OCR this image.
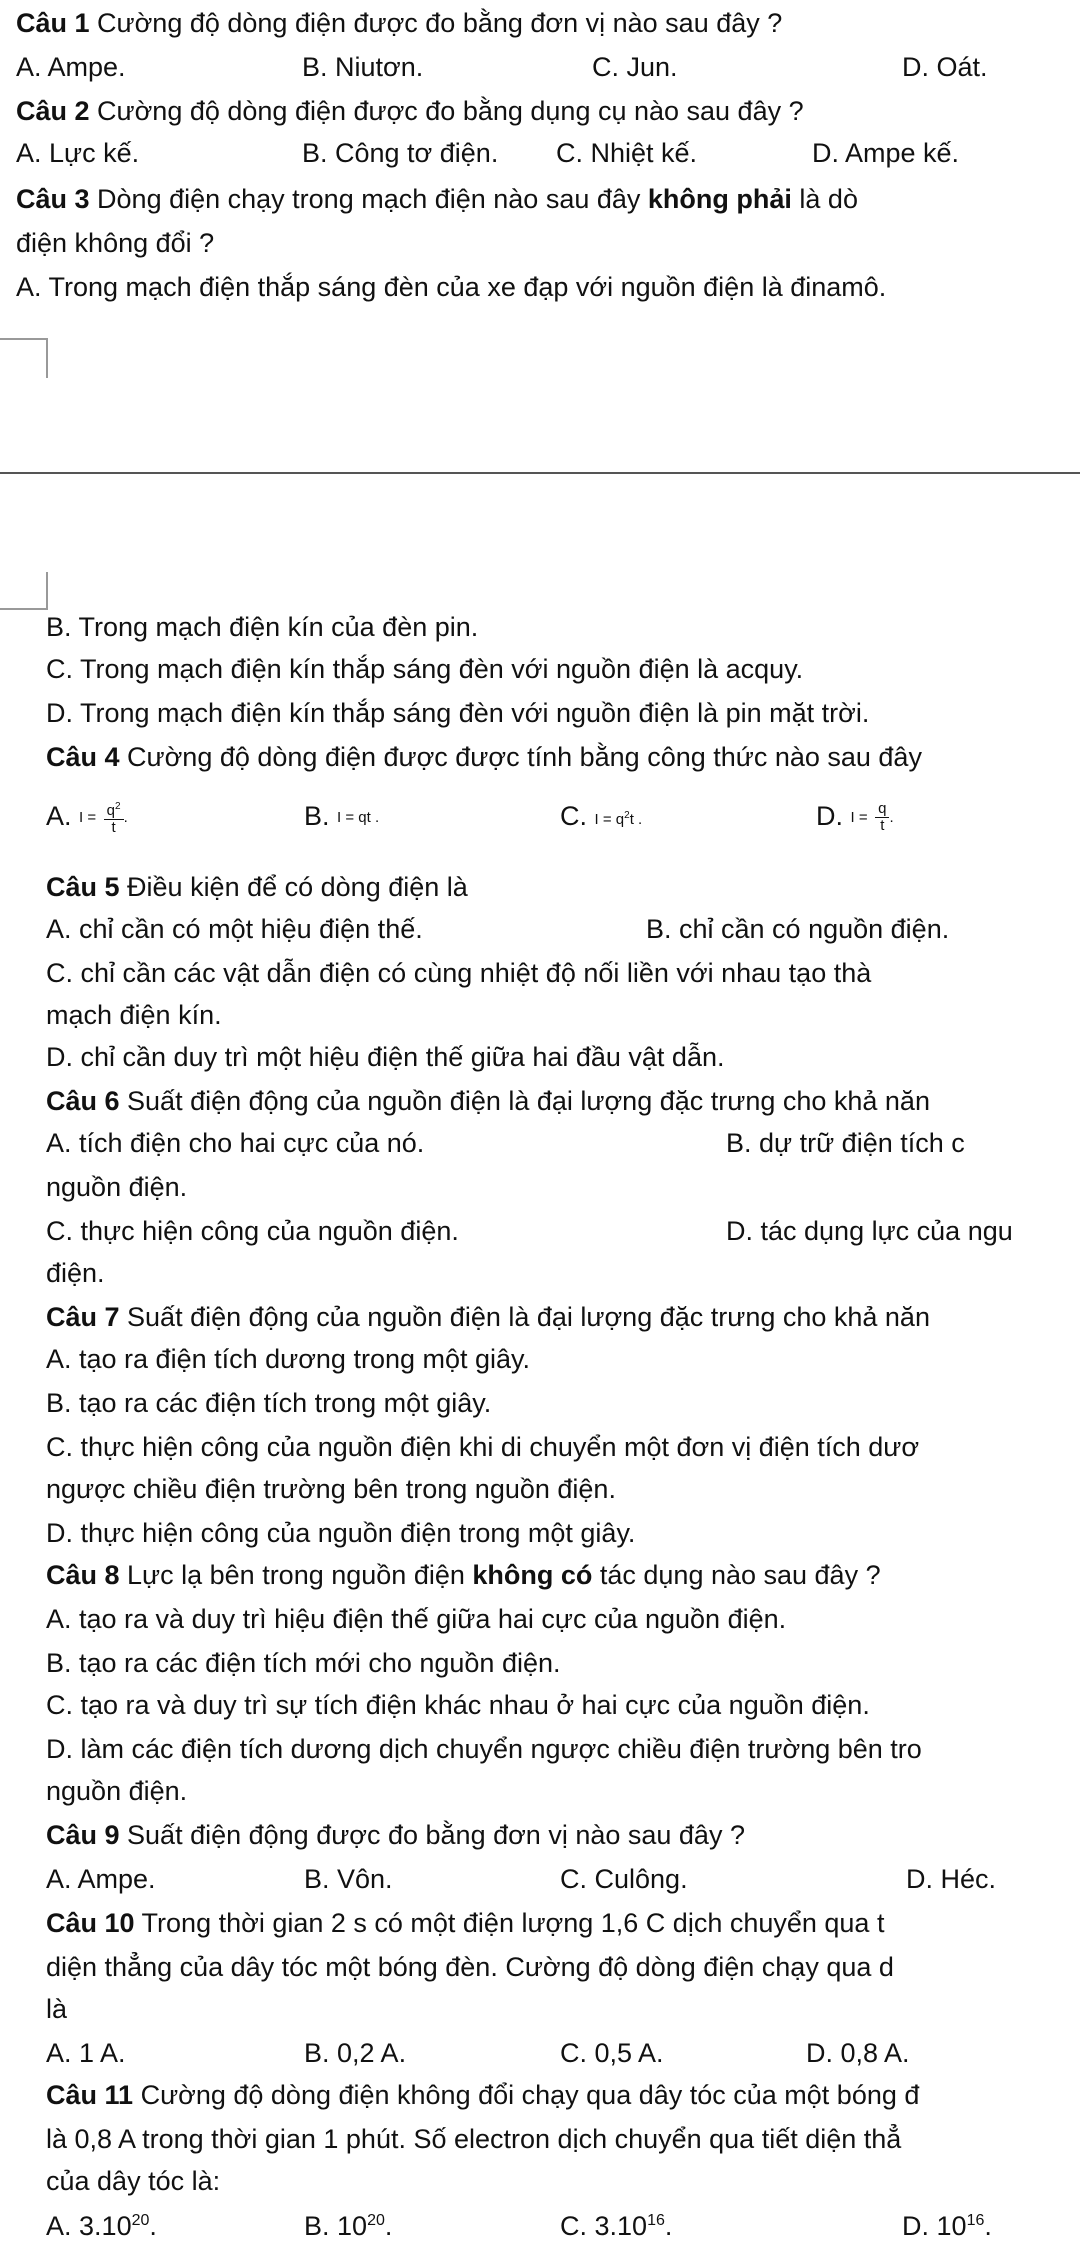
Câu 1 Cường độ dòng điện được đo bằng đơn vị nào sau đây ?
A. Ampe.	B. Niutơn.	C. Jun.	D. Oát.
Câu 2 Cường độ dòng điện được đo bằng dụng cụ nào sau đây ?
A. Lực kế.	B. Công tơ điện. C. Nhiệt kế.	D. Ampe kế.
Câu 3 Dòng điện chạy trong mạch điện nào sau đây không phải là dò
điện không đổi ?
A. Trong mạch điện thắp sáng đèn của xe đạp với nguồn điện là đinamô.
B. Trong mạch điện kín của đèn pin.
C. Trong mạch điện kín thắp sáng đèn với nguồn điện là acquy.
D. Trong mạch điện kín thắp sáng đèn với nguồn điện là pin mặt trời.
Câu 4 Cường độ dòng điện được được tính bằng công thức nào sau đây
A. $I = \frac{q^2}{t}$ .	B. I = qt .	C. $I = q^2t$ .	D. $I = \frac{q}{t}$ .
Câu 5 Điều kiện để có dòng điện là
A. chỉ cần có một hiệu điện thế.	B. chỉ cần có nguồn điện.
C. chỉ cần các vật dẫn điện có cùng nhiệt độ nối liền với nhau tạo thà
mạch điện kín.
D. chỉ cần duy trì một hiệu điện thế giữa hai đầu vật dẫn.
Câu 6 Suất điện động của nguồn điện là đại lượng đặc trưng cho khả năn
A. tích điện cho hai cực của nó.	B. dự trữ điện tích c
nguồn điện.
C. thực hiện công của nguồn điện.	D. tác dụng lực của ngu
điện.
Câu 7 Suất điện động của nguồn điện là đại lượng đặc trưng cho khả năn
A. tạo ra điện tích dương trong một giây.
B. tạo ra các điện tích trong một giây.
C. thực hiện công của nguồn điện khi di chuyển một đơn vị điện tích dươ
ngược chiều điện trường bên trong nguồn điện.
D. thực hiện công của nguồn điện trong một giây.
Câu 8 Lực lạ bên trong nguồn điện không có tác dụng nào sau đây ?
A. tạo ra và duy trì hiệu điện thế giữa hai cực của nguồn điện.
B. tạo ra các điện tích mới cho nguồn điện.
C. tạo ra và duy trì sự tích điện khác nhau ở hai cực của nguồn điện.
D. làm các điện tích dương dịch chuyển ngược chiều điện trường bên tro
nguồn điện.
Câu 9 Suất điện động được đo bằng đơn vị nào sau đây ?
A. Ampe.	B. Vôn.	C. Culông.	D. Héc.
Câu 10 Trong thời gian 2 s có một điện lượng 1,6 C dịch chuyển qua t
diện thẳng của dây tóc một bóng đèn. Cường độ dòng điện chạy qua d
là
A. 1 A.	B. 0,2 A.	C. 0,5 A.	D. 0,8 A.
Câu 11 Cường độ dòng điện không đổi chạy qua dây tóc của một bóng đ
là 0,8 A trong thời gian 1 phút. Số electron dịch chuyển qua tiết diện thẳ
của dây tóc là:
A. 3.10$^{20}$.	B. $10^{20}$.	C. 3.10$^{16}$.	D. $10^{16}$.
